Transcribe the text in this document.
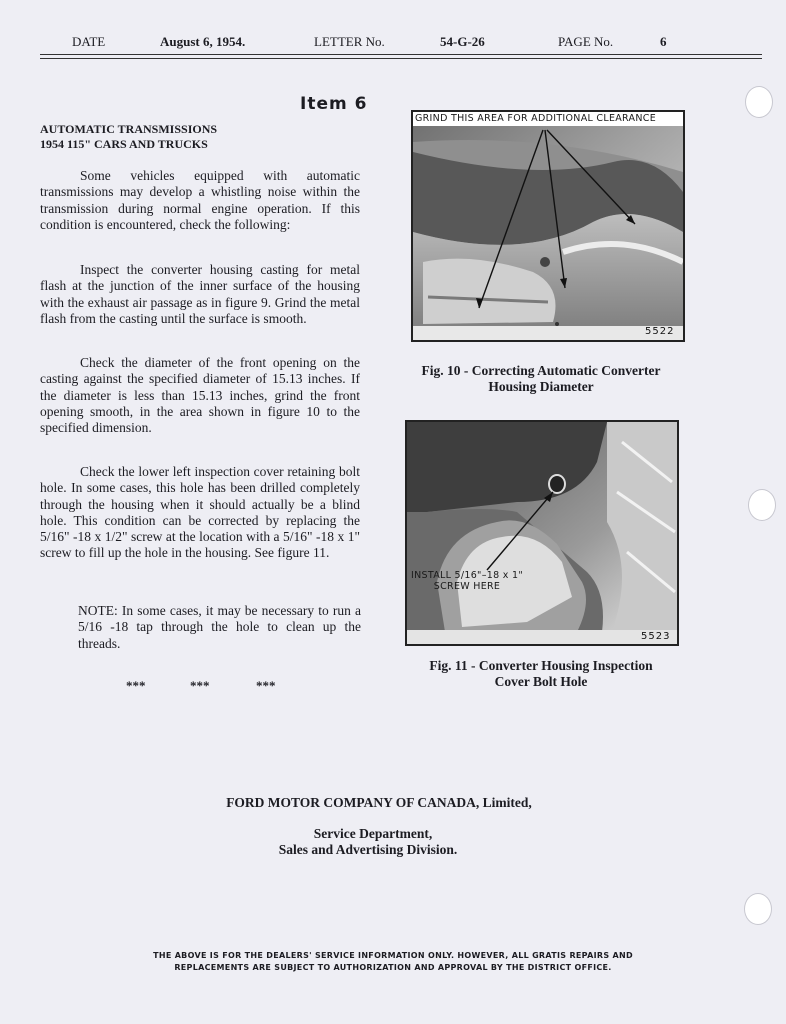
DATE	August 6, 1954.	LETTER No.	54-G-26	PAGE No.	6
Item 6
AUTOMATIC TRANSMISSIONS
1954 115" CARS AND TRUCKS

Some vehicles equipped with automatic transmissions may develop a whistling noise within the transmission during normal engine operation. If this condition is encountered, check the following:

Inspect the converter housing casting for metal flash at the junction of the inner surface of the housing with the exhaust air passage as in figure 9. Grind the metal flash from the casting until the surface is smooth.

Check the diameter of the front opening on the casting against the specified diameter of 15.13 inches. If the diameter is less than 15.13 inches, grind the front opening smooth, in the area shown in figure 10 to the specified dimension.

Check the lower left inspection cover retaining bolt hole. In some cases, this hole has been drilled completely through the housing when it should actually be a blind hole. This condition can be corrected by replacing the 5/16" -18 x 1/2" screw at the location with a 5/16" -18 x 1" screw to fill up the hole in the housing. See figure 11.

NOTE: In some cases, it may be necessary to run a 5/16 -18 tap through the hole to clean up the threads.
***	***	***
GRIND THIS AREA FOR ADDITIONAL CLEARANCE
5522
Fig. 10 - Correcting Automatic Converter
Housing Diameter
INSTALL 5/16"–18 x 1"
SCREW HERE
5523
Fig. 11 - Converter Housing Inspection
Cover Bolt Hole
FORD MOTOR COMPANY OF CANADA, Limited,
Service Department,
Sales and Advertising Division.
THE ABOVE IS FOR THE DEALERS' SERVICE INFORMATION ONLY. HOWEVER, ALL GRATIS REPAIRS AND
REPLACEMENTS ARE SUBJECT TO AUTHORIZATION AND APPROVAL BY THE DISTRICT OFFICE.
